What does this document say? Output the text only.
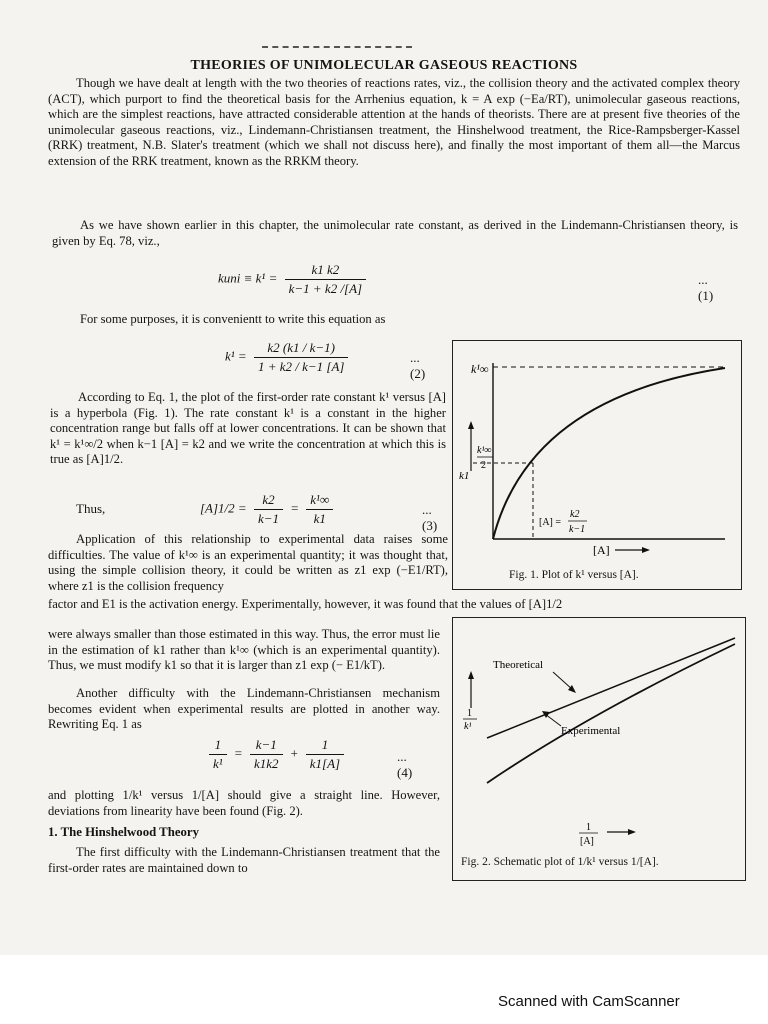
THEORIES OF UNIMOLECULAR GASEOUS REACTIONS

Though we have dealt at length with the two theories of reactions rates, viz., the collision theory and the activated complex theory (ACT), which purport to find the theoretical basis for the Arrhenius equation, k = A exp (−Ea/RT), unimolecular gaseous reactions, which are the simplest reactions, have attracted considerable attention at the hands of theorists. There are at present five theories of the unimolecular gaseous reactions, viz., Lindemann-Christiansen treatment, the Hinshelwood treatment, the Rice-Rampsberger-Kassel (RRK) treatment, N.B. Slater's treatment (which we shall not discuss here), and finally the most important of them all—the Marcus extension of the RRK treatment, known as the RRKM theory.

As we have shown earlier in this chapter, the unimolecular rate constant, as derived in the Lindemann-Christiansen theory, is given by Eq. 78, viz.,

kuni ≡ $k^1 = \frac{k1 k2}{k-1 + k2 /[A]}$	...(1)

For some purposes, it is convenientt to write this equation as

$k^1 = \frac{k2 (k1 / k-1)}{1 + k2 / k-1 [A]}$	...(2)

According to Eq. 1, the plot of the first-order rate constant k¹ versus [A] is a hyperbola (Fig. 1). The rate constant k¹ is a constant in the higher concentration range but falls off at lower concentrations. It can be shown that k¹ = k¹∞/2 when k−1 [A] = k2 and we write the concentration at which this is true as [A]1/2.

Thus,	$[A]1/2 = \frac{k2}{k-1} = \frac{\text{k¹∞}}{k1}$	...(3)

Application of this relationship to experimental data raises some difficulties. The value of k¹∞ is an experimental quantity; it was thought that, using the simple collision theory, it could be written as z1 exp (−E1/RT), where z1 is the collision frequency

factor and E1 is the activation energy. Experimentally, however, it was found that the values of [A]1/2

were always smaller than those estimated in this way. Thus, the error must lie in the estimation of k1 rather than k¹∞ (which is an experimental quantity). Thus, we must modify k1 so that it is larger than z1 exp (− E1/kT).

Another difficulty with the Lindemann-Christiansen mechanism becomes evident when experimental results are plotted in another way. Rewriting Eq. 1 as

$\frac{1}{\text{k¹}} = \frac{k-1}{k1k2} + \frac{1}{k1[A]}$	...(4)

and plotting 1/k¹ versus 1/[A] should give a straight line. However, deviations from linearity have been found (Fig. 2).

1. The Hinshelwood Theory

The first difficulty with the Lindemann-Christiansen treatment that the first-order rates are maintained down to

k¹∞
k¹∞
2
k1
[A] =
k2
k−1
[A]
Fig. 1. Plot of k¹ versus [A].
1
k¹
Theoretical
Experimental
1
[A]
Fig. 2. Schematic plot of 1/k¹ versus 1/[A].
Scanned with CamScanner
